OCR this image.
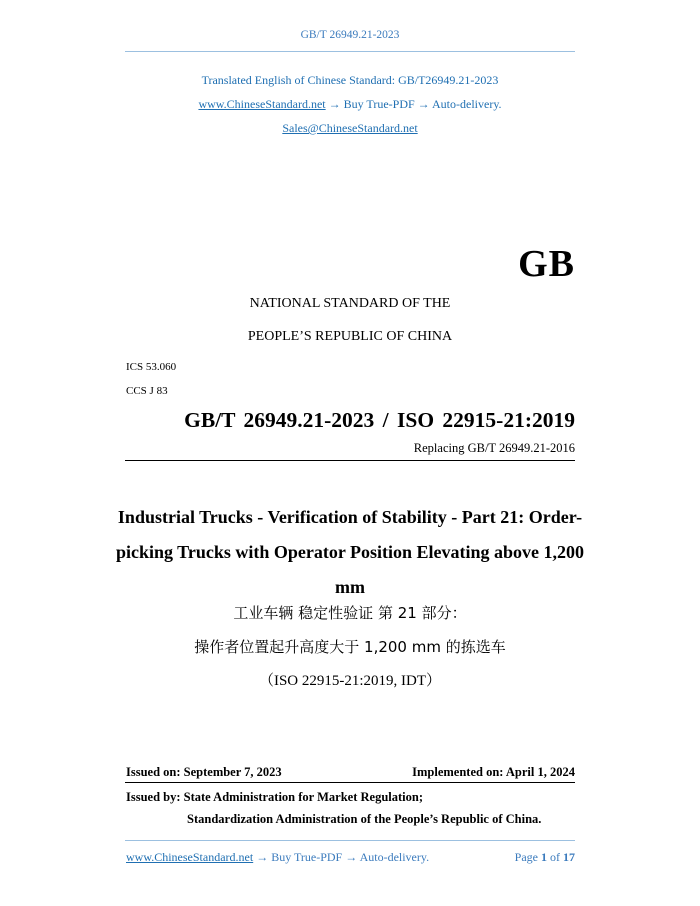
GB/T 26949.21-2023
Translated English of Chinese Standard: GB/T26949.21-2023
www.ChineseStandard.net → Buy True-PDF → Auto-delivery.
Sales@ChineseStandard.net
GB
NATIONAL STANDARD OF THE
PEOPLE’S REPUBLIC OF CHINA
ICS 53.060
CCS J 83
GB/T 26949.21-2023 / ISO 22915-21:2019
Replacing GB/T 26949.21-2016
Industrial Trucks - Verification of Stability - Part 21: Order-picking Trucks with Operator Position Elevating above 1,200 mm
工业车辆 稳定性验证 第 21 部分：
操作者位置起升高度大于 1,200 mm 的拣选车
（ISO 22915-21:2019, IDT）
Issued on: September 7, 2023	Implemented on: April 1, 2024
Issued by: State Administration for Market Regulation;
Standardization Administration of the People’s Republic of China.
www.ChineseStandard.net → Buy True-PDF → Auto-delivery.	Page 1 of 17
